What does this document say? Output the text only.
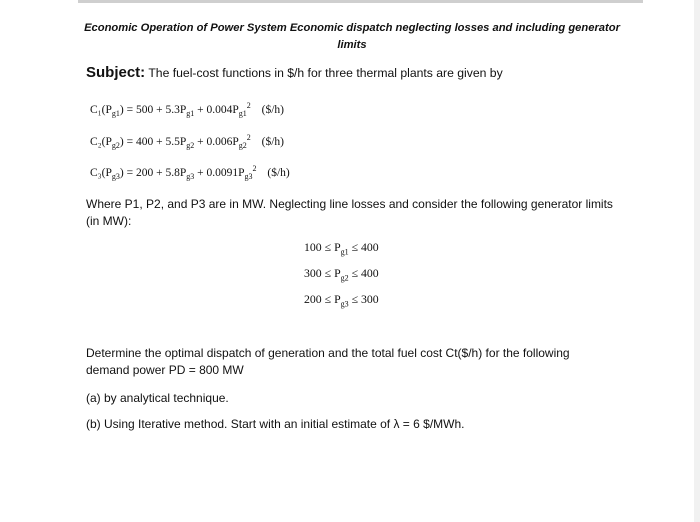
Economic Operation of Power System Economic dispatch neglecting losses and including generator limits
Subject: The fuel-cost functions in $/h for three thermal plants are given by
$C_1(P_{g1}) = 500 + 5.3P_{g1} + 0.004P_{g1}^2$ ($/h)
$C_2(P_{g2}) = 400 + 5.5P_{g2} + 0.006P_{g2}^2$ ($/h)
$C_3(P_{g3}) = 200 + 5.8P_{g3} + 0.0091P_{g3}^2$ ($/h)
Where P1, P2, and P3 are in MW. Neglecting line losses and consider the following generator limits (in MW):
$100 \le P_{g1} \le 400$
$300 \le P_{g2} \le 400$
$200 \le P_{g3} \le 300$
Determine the optimal dispatch of generation and the total fuel cost Ct($/h) for the following demand power PD = 800 MW
(a) by analytical technique.
(b) Using Iterative method. Start with an initial estimate of λ = 6 $/MWh.
